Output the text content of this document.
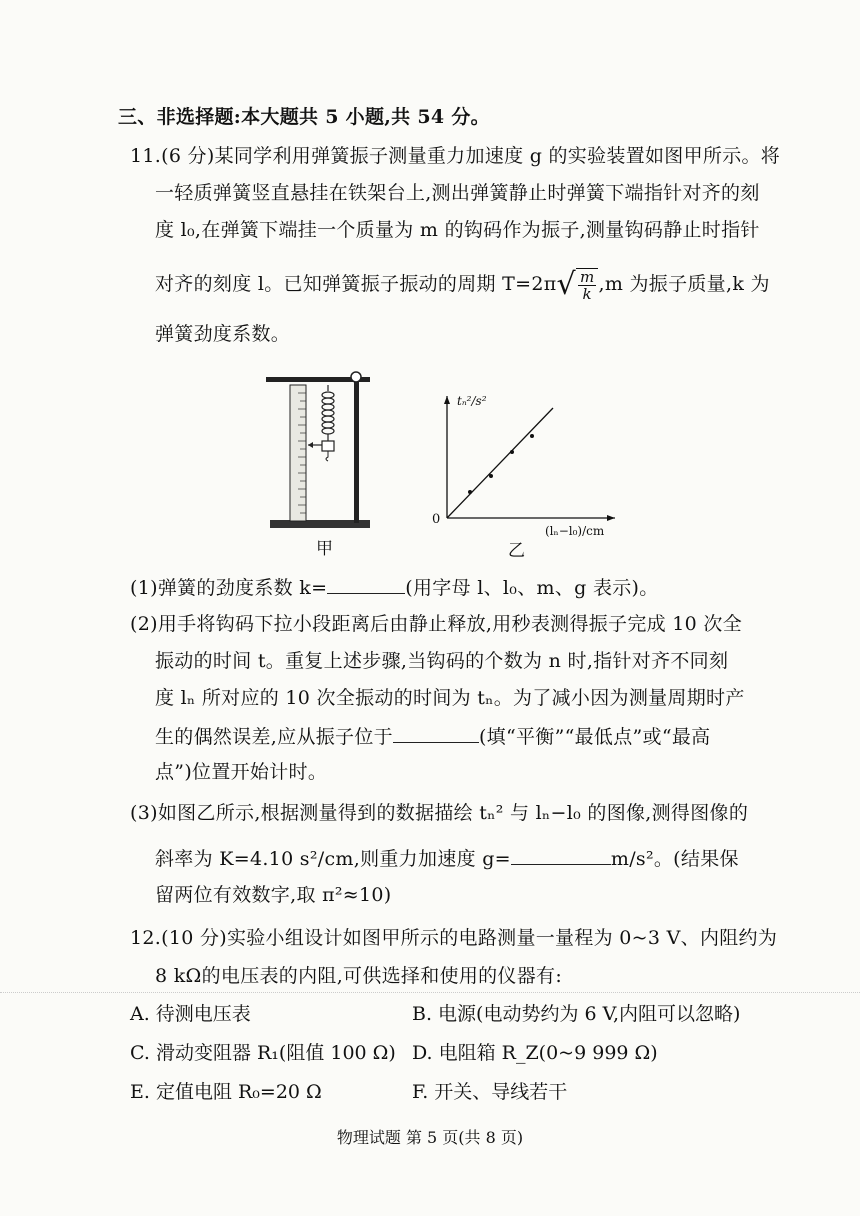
三、非选择题:本大题共 5 小题,共 54 分。
11.(6 分)某同学利用弹簧振子测量重力加速度 g 的实验装置如图甲所示。将
一轻质弹簧竖直悬挂在铁架台上,测出弹簧静止时弹簧下端指针对齐的刻
度 l₀,在弹簧下端挂一个质量为 m 的钩码作为振子,测量钩码静止时指针
对齐的刻度 l。已知弹簧振子振动的周期 $T=2\pi√ \frac{m}{k} ,m$ 为振子质量,k 为
弹簧劲度系数。
甲
tₙ²/s²
0
(lₙ−l₀)/cm
乙
(1)弹簧的劲度系数 k=	(用字母 l、l₀、m、g 表示)。
(2)用手将钩码下拉小段距离后由静止释放,用秒表测得振子完成 10 次全
振动的时间 t。重复上述步骤,当钩码的个数为 n 时,指针对齐不同刻
度 lₙ 所对应的 10 次全振动的时间为 tₙ。为了减小因为测量周期时产
生的偶然误差,应从振子位于	(填“平衡”“最低点”或“最高
点”)位置开始计时。
(3)如图乙所示,根据测量得到的数据描绘 tₙ² 与 lₙ−l₀ 的图像,测得图像的
斜率为 K=4.10 s²/cm,则重力加速度 g=	m/s²。(结果保
留两位有效数字,取 π²≈10)
12.(10 分)实验小组设计如图甲所示的电路测量一量程为 0~3 V、内阻约为
8 kΩ的电压表的内阻,可供选择和使用的仪器有:
A. 待测电压表	B. 电源(电动势约为 6 V,内阻可以忽略)
C. 滑动变阻器 R₁(阻值 100 Ω) D. 电阻箱 R_Z(0~9 999 Ω)
E. 定值电阻 R₀=20 Ω	F. 开关、导线若干
物理试题 第 5 页(共 8 页)
